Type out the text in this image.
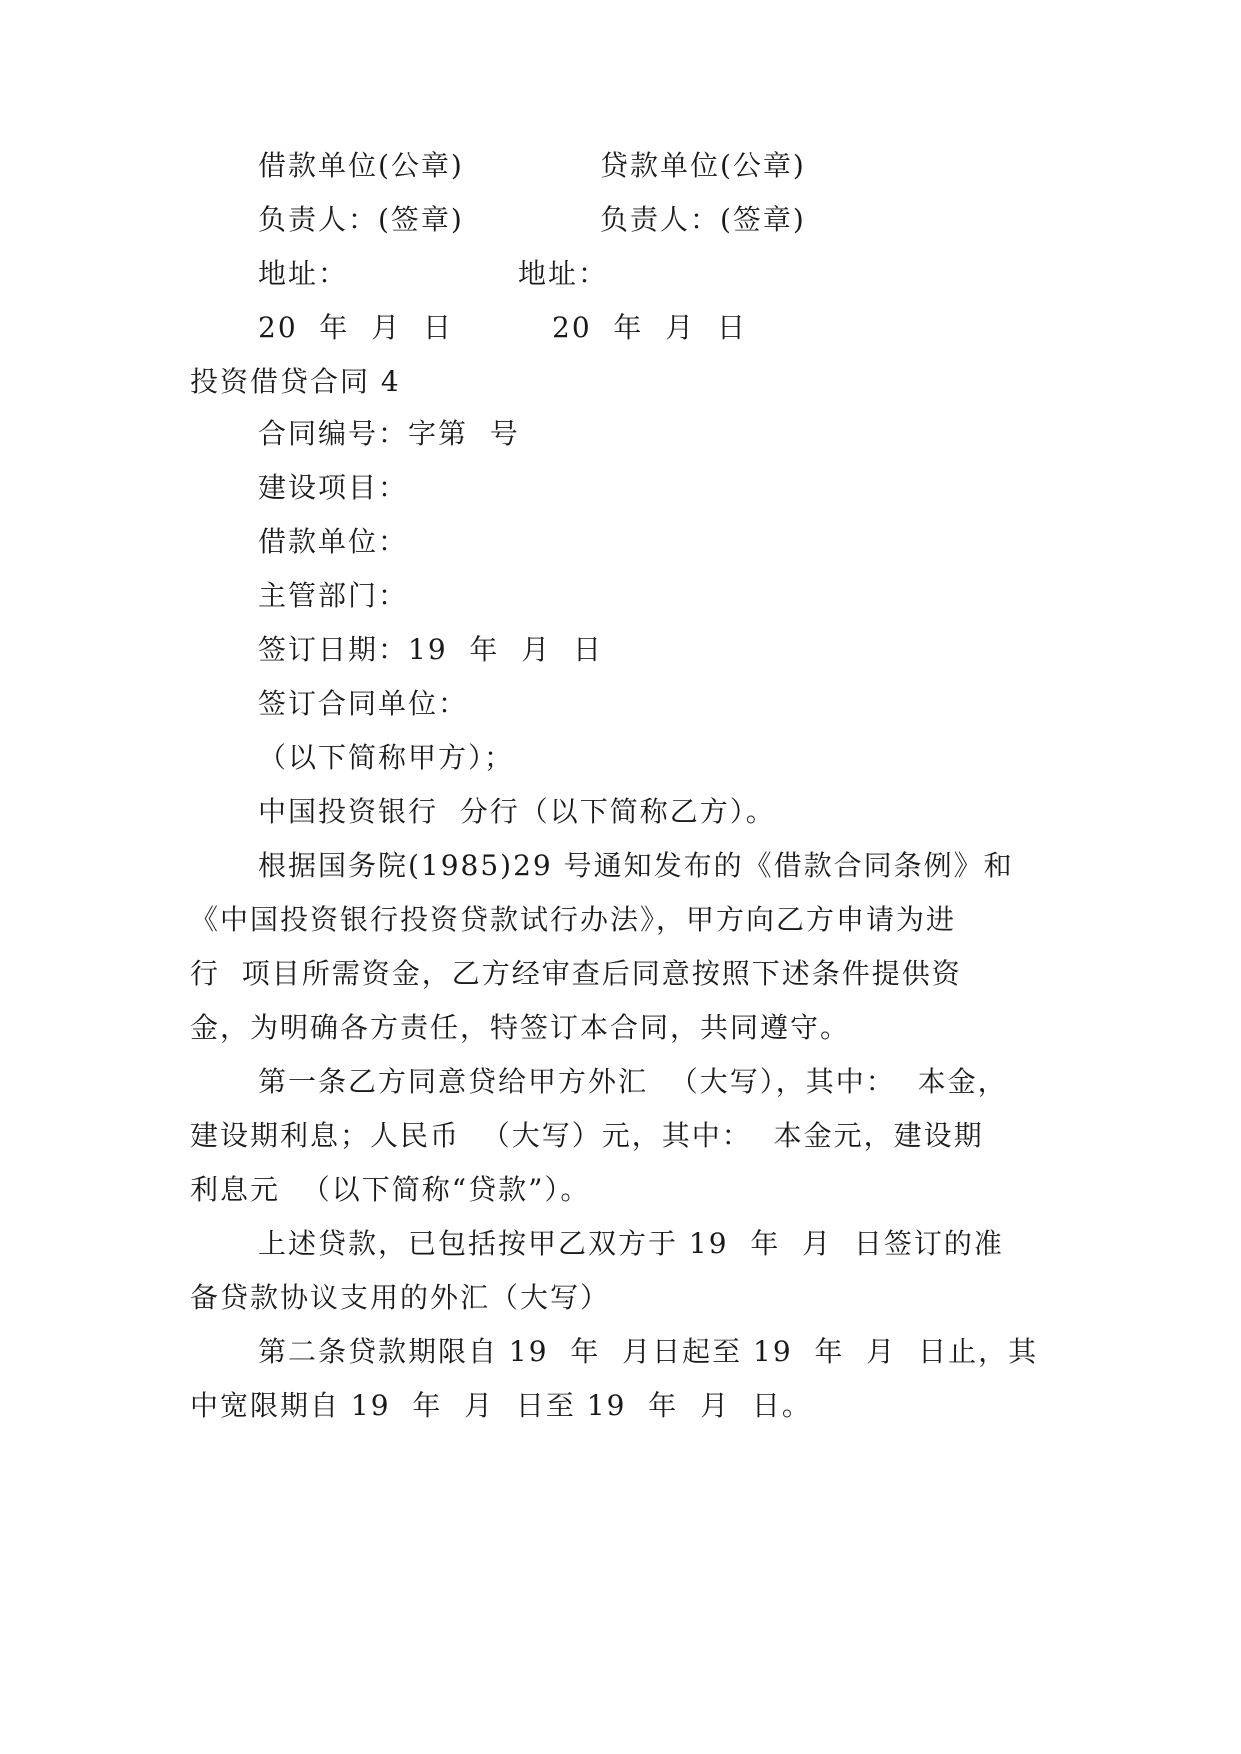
借款单位(公章)	贷款单位(公章)
负责人：(签章)	负责人：(签章)
地址：	地址：
20  年  月  日	20  年  月  日
投资借贷合同 4
合同编号：字第  号
建设项目：
借款单位：
主管部门：
签订日期：19  年  月  日
签订合同单位：
（以下简称甲方）；
中国投资银行  分行（以下简称乙方）。
根据国务院(1985)29 号通知发布的《借款合同条例》和
《中国投资银行投资贷款试行办法》，甲方向乙方申请为进
行  项目所需资金，乙方经审查后同意按照下述条件提供资
金，为明确各方责任，特签订本合同，共同遵守。
第一条乙方同意贷给甲方外汇  （大写），其中：  本金，
建设期利息；人民币  （大写）元，其中：  本金元，建设期
利息元  （以下简称“贷款”）。
上述贷款，已包括按甲乙双方于 19  年  月  日签订的准
备贷款协议支用的外汇（大写）
第二条贷款期限自 19  年  月日起至 19  年  月  日止，其
中宽限期自 19  年  月  日至 19  年  月  日。
